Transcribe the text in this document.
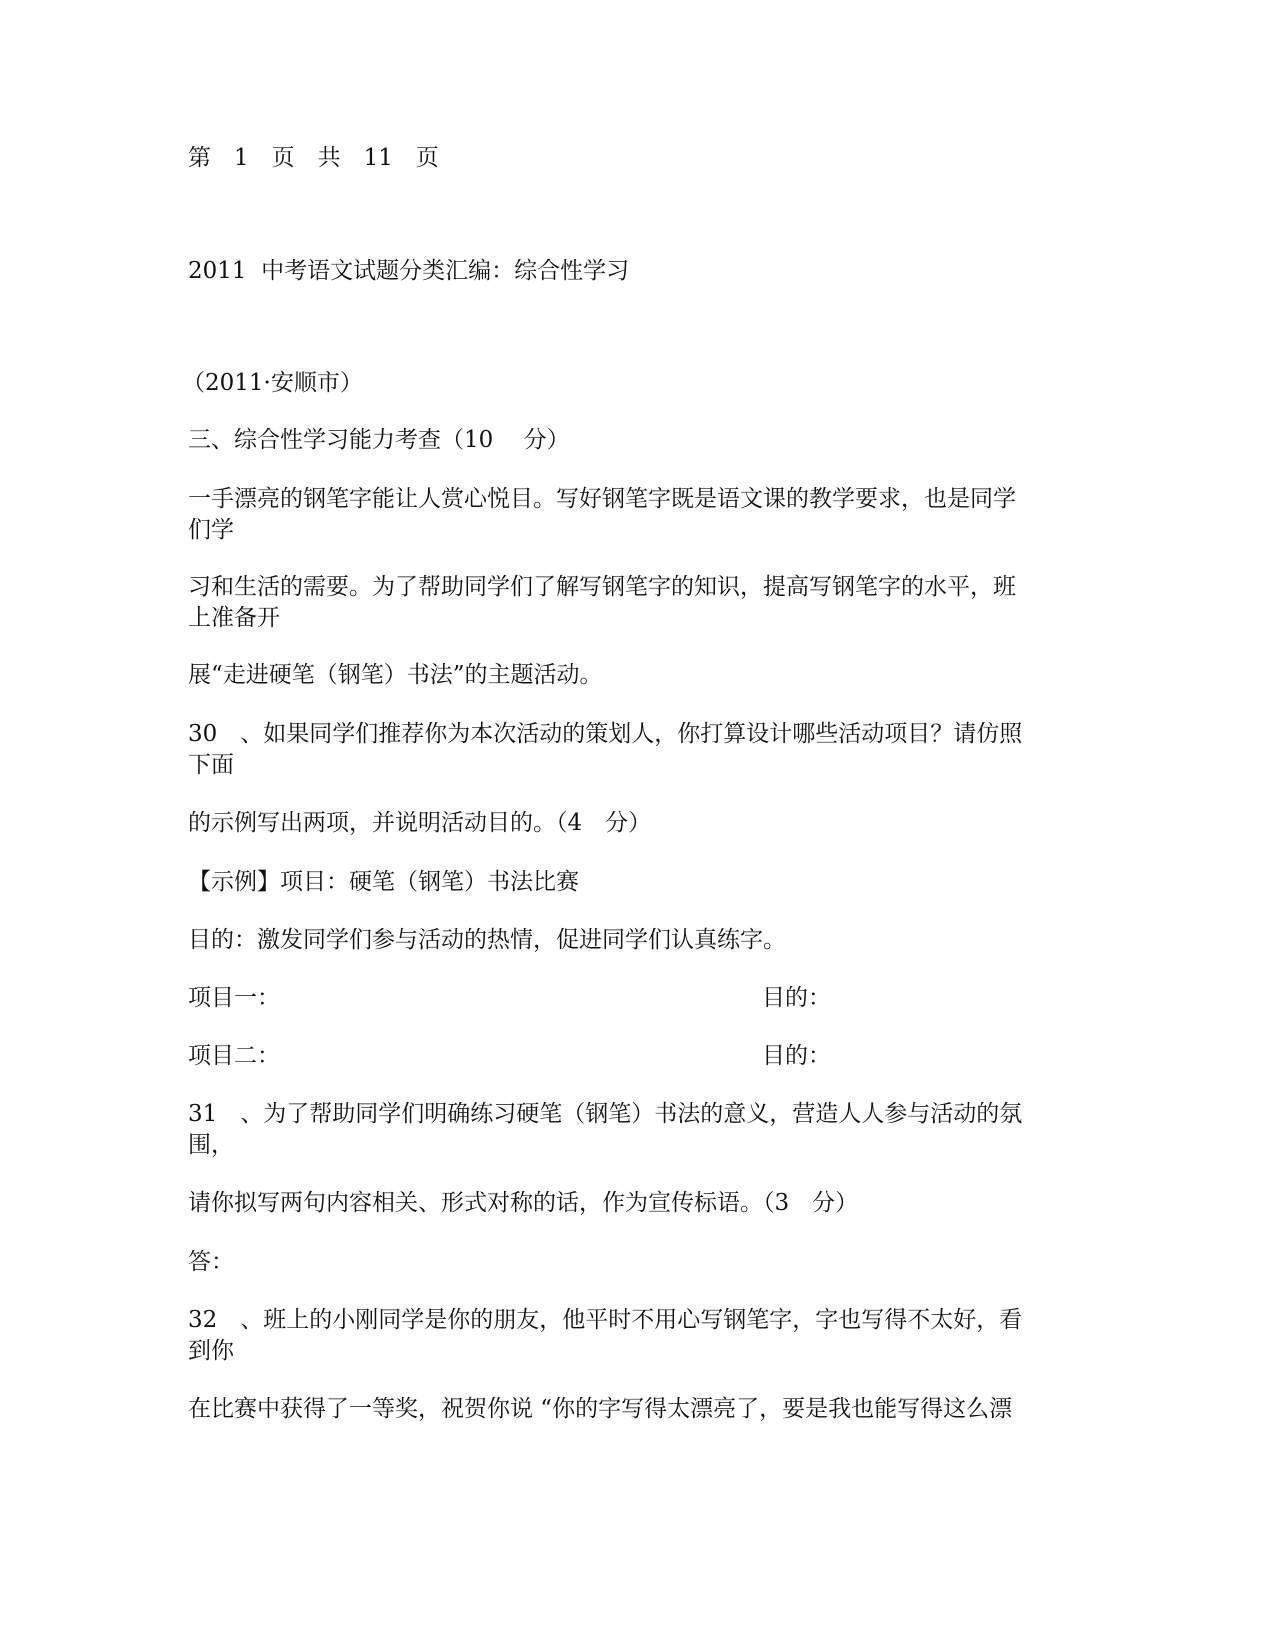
第　1　页　共　11　页
2011  中考语文试题分类汇编：综合性学习
（2011·安顺市）
三、综合性学习能力考查（10　 分）
一手漂亮的钢笔字能让人赏心悦目。写好钢笔字既是语文课的教学要求，也是同学
们学
习和生活的需要。为了帮助同学们了解写钢笔字的知识，提高写钢笔字的水平，班
上准备开
展“走进硬笔（钢笔）书法”的主题活动。
30　、如果同学们推荐你为本次活动的策划人，你打算设计哪些活动项目？请仿照
下面
的示例写出两项，并说明活动目的。（4　分）
【示例】项目：硬笔（钢笔）书法比赛
目的：激发同学们参与活动的热情，促进同学们认真练字。
项目一：	目的：
项目二：	目的：
31　、为了帮助同学们明确练习硬笔（钢笔）书法的意义，营造人人参与活动的氛
围，
请你拟写两句内容相关、形式对称的话，作为宣传标语。（3　分）
答：
32　、班上的小刚同学是你的朋友，他平时不用心写钢笔字，字也写得不太好，看
到你
在比赛中获得了一等奖，祝贺你说 “你的字写得太漂亮了，要是我也能写得这么漂
